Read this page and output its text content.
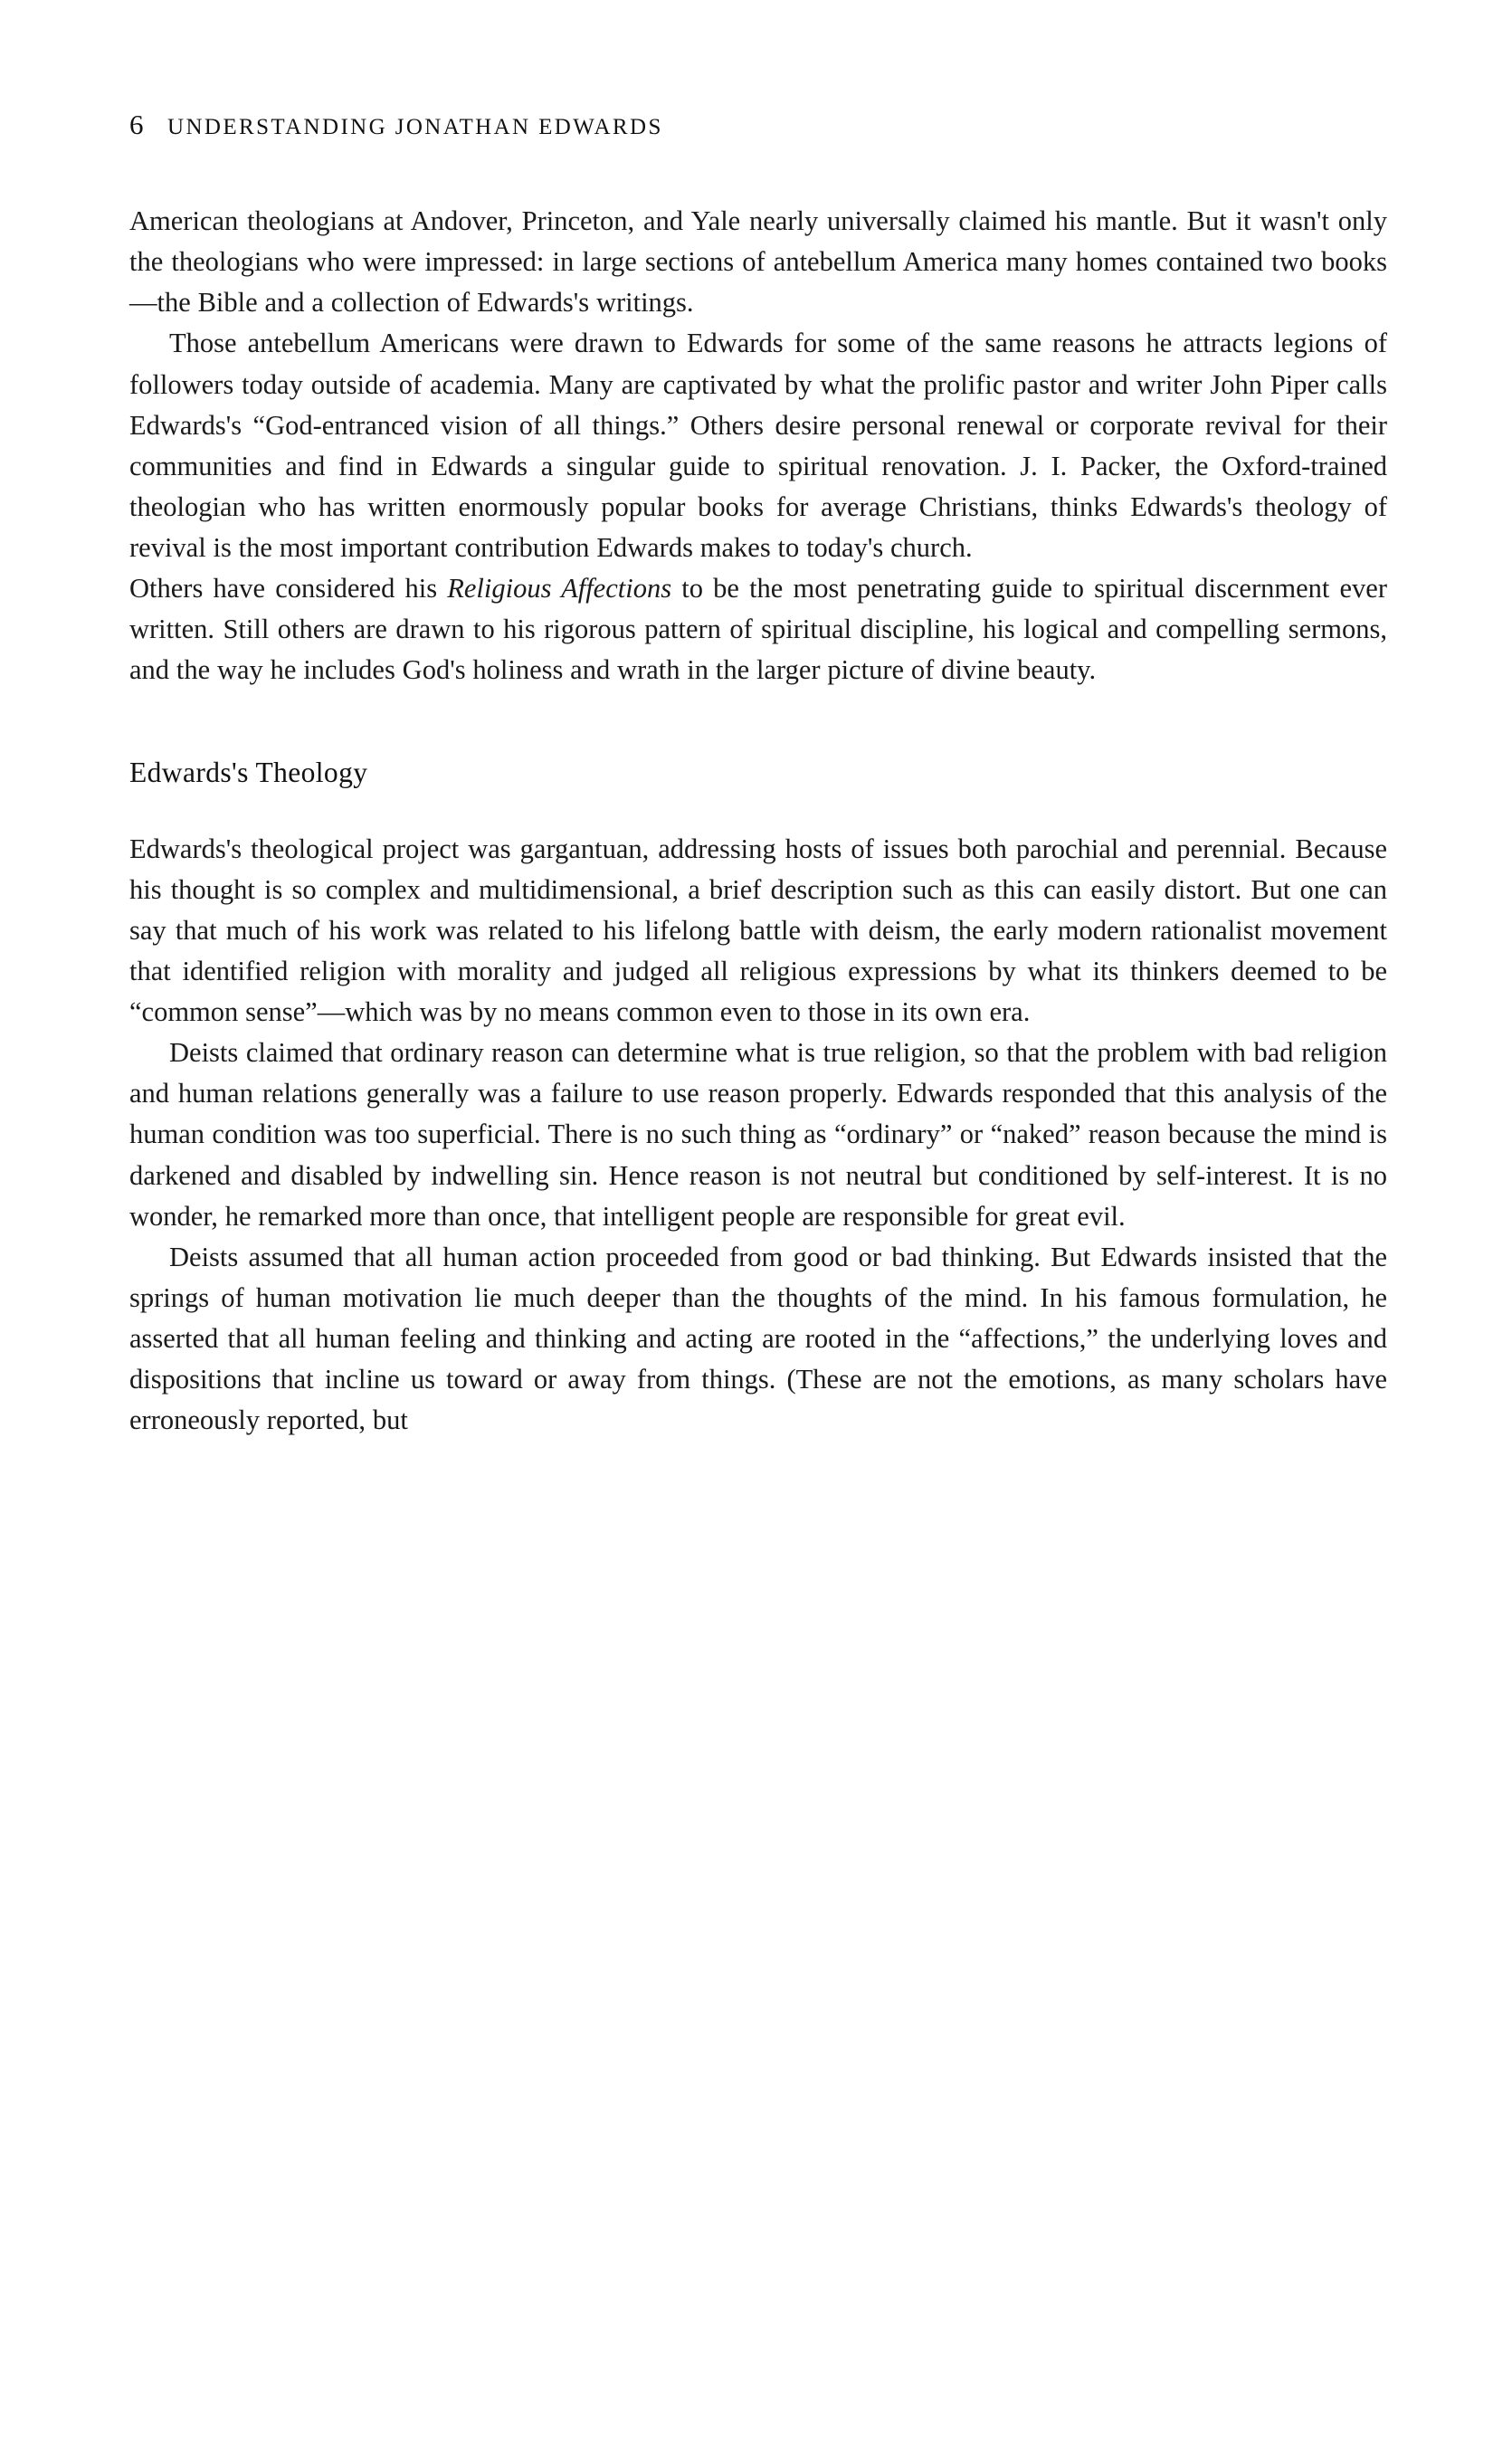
6 UNDERSTANDING JONATHAN EDWARDS

American theologians at Andover, Princeton, and Yale nearly universally claimed his mantle. But it wasn't only the theologians who were impressed: in large sections of antebellum America many homes contained two books—the Bible and a collection of Edwards's writings.

Those antebellum Americans were drawn to Edwards for some of the same reasons he attracts legions of followers today outside of academia. Many are captivated by what the prolific pastor and writer John Piper calls Edwards's “God-entranced vision of all things.” Others desire personal renewal or corporate revival for their communities and find in Edwards a singular guide to spiritual renovation. J. I. Packer, the Oxford-trained theologian who has written enormously popular books for average Christians, thinks Edwards's theology of revival is the most important contribution Edwards makes to today's church.

Others have considered his Religious Affections to be the most penetrating guide to spiritual discernment ever written. Still others are drawn to his rigorous pattern of spiritual discipline, his logical and compelling sermons, and the way he includes God's holiness and wrath in the larger picture of divine beauty.

Edwards's Theology

Edwards's theological project was gargantuan, addressing hosts of issues both parochial and perennial. Because his thought is so complex and multidimensional, a brief description such as this can easily distort. But one can say that much of his work was related to his lifelong battle with deism, the early modern rationalist movement that identified religion with morality and judged all religious expressions by what its thinkers deemed to be “common sense”—which was by no means common even to those in its own era.

Deists claimed that ordinary reason can determine what is true religion, so that the problem with bad religion and human relations generally was a failure to use reason properly. Edwards responded that this analysis of the human condition was too superficial. There is no such thing as “ordinary” or “naked” reason because the mind is darkened and disabled by indwelling sin. Hence reason is not neutral but conditioned by self-interest. It is no wonder, he remarked more than once, that intelligent people are responsible for great evil.

Deists assumed that all human action proceeded from good or bad thinking. But Edwards insisted that the springs of human motivation lie much deeper than the thoughts of the mind. In his famous formulation, he asserted that all human feeling and thinking and acting are rooted in the “affections,” the underlying loves and dispositions that incline us toward or away from things. (These are not the emotions, as many scholars have erroneously reported, but
